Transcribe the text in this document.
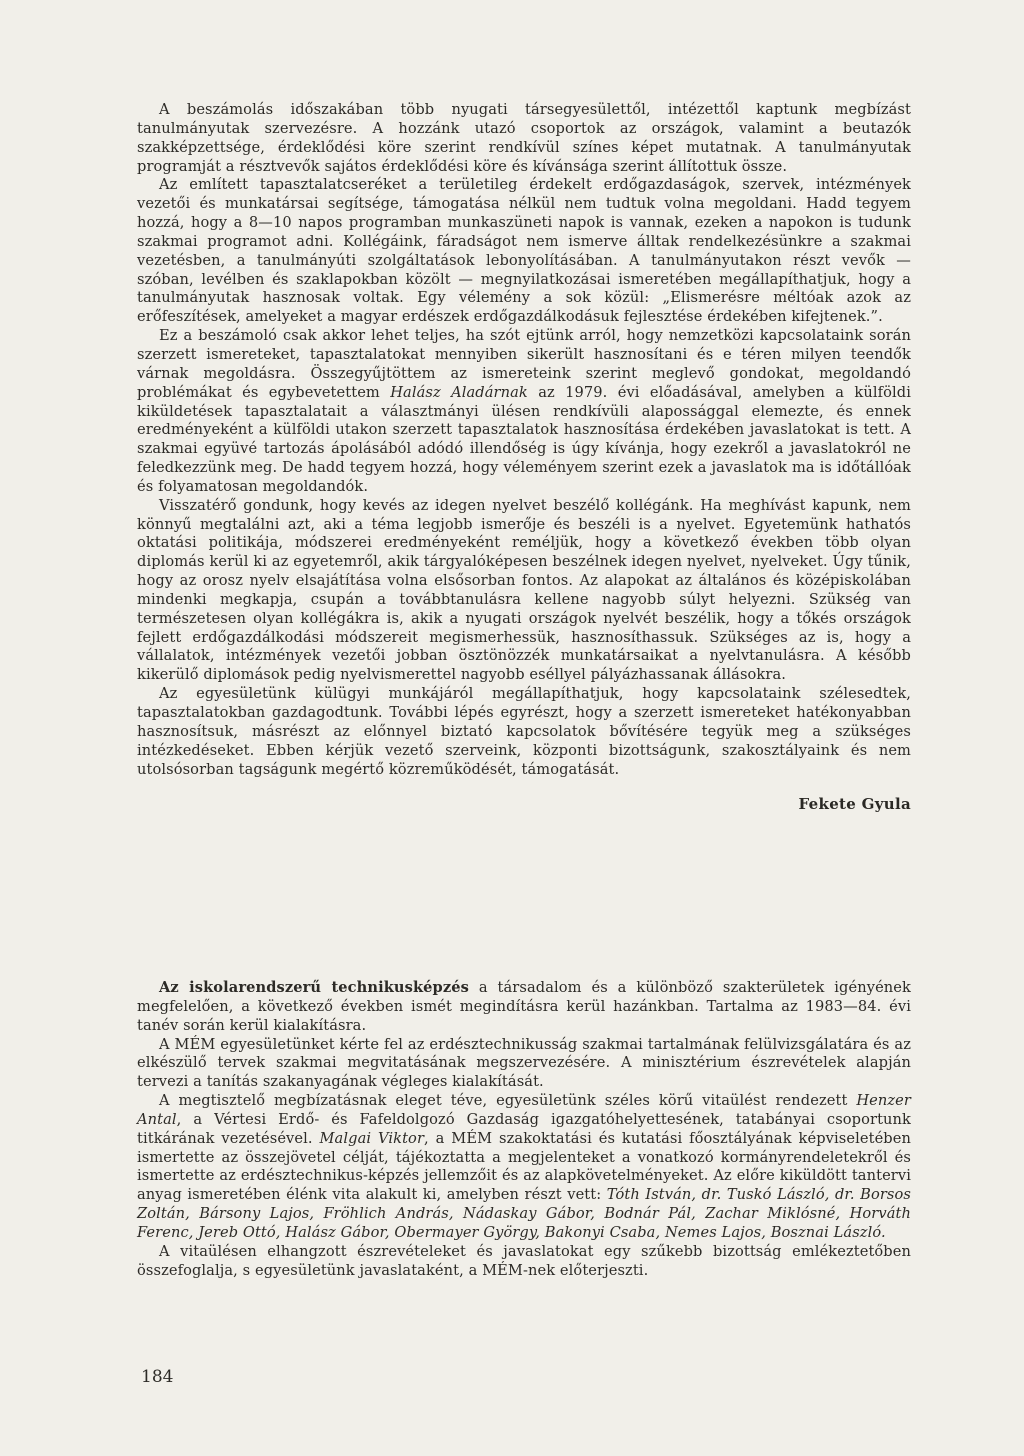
A beszámolás időszakában több nyugati társegyesülettől, intézettől kaptunk megbízást tanulmányutak szervezésre. A hozzánk utazó csoportok az országok, valamint a beutazók szakképzettsége, érdeklődési köre szerint rendkívül színes képet mutatnak. A tanulmányutak programját a résztvevők sajátos érdeklődési köre és kívánsága szerint állítottuk össze.

Az említett tapasztalatcseréket a területileg érdekelt erdőgazdaságok, szervek, intézmények vezetői és munkatársai segítsége, támogatása nélkül nem tudtuk volna megoldani. Hadd tegyem hozzá, hogy a 8—10 napos programban munkaszüneti napok is vannak, ezeken a napokon is tudunk szakmai programot adni. Kollégáink, fáradságot nem ismerve álltak rendelkezésünkre a szakmai vezetésben, a tanulmányúti szolgáltatások lebonyolításában. A tanulmányutakon részt vevők — szóban, levélben és szaklapokban közölt — megnyilatkozásai ismeretében megállapíthatjuk, hogy a tanulmányutak hasznosak voltak. Egy vélemény a sok közül: „Elismerésre méltóak azok az erőfeszítések, amelyeket a magyar erdészek erdőgazdálkodásuk fejlesztése érdekében kifejtenek.”.

Ez a beszámoló csak akkor lehet teljes, ha szót ejtünk arról, hogy nemzetközi kapcsolataink során szerzett ismereteket, tapasztalatokat mennyiben sikerült hasznosítani és e téren milyen teendők várnak megoldásra. Összegyűjtöttem az ismereteink szerint meglevő gondokat, megoldandó problémákat és egybevetettem Halász Aladárnak az 1979. évi előadásával, amelyben a külföldi kiküldetések tapasztalatait a választmányi ülésen rendkívüli alapossággal elemezte, és ennek eredményeként a külföldi utakon szerzett tapasztalatok hasznosítása érdekében javaslatokat is tett. A szakmai együvé tartozás ápolásából adódó illendőség is úgy kívánja, hogy ezekről a javaslatokról ne feledkezzünk meg. De hadd tegyem hozzá, hogy véleményem szerint ezek a javaslatok ma is időtállóak és folyamatosan megoldandók.

Visszatérő gondunk, hogy kevés az idegen nyelvet beszélő kollégánk. Ha meghívást kapunk, nem könnyű megtalálni azt, aki a téma legjobb ismerője és beszéli is a nyelvet. Egyetemünk hathatós oktatási politikája, módszerei eredményeként reméljük, hogy a következő években több olyan diplomás kerül ki az egyetemről, akik tárgyalóképesen beszélnek idegen nyelvet, nyelveket. Úgy tűnik, hogy az orosz nyelv elsajátítása volna elsősorban fontos. Az alapokat az általános és középiskolában mindenki megkapja, csupán a továbbtanulásra kellene nagyobb súlyt helyezni. Szükség van természetesen olyan kollégákra is, akik a nyugati országok nyelvét beszélik, hogy a tőkés országok fejlett erdőgazdálkodási módszereit megismerhessük, hasznosíthassuk. Szükséges az is, hogy a vállalatok, intézmények vezetői jobban ösztönözzék munkatársaikat a nyelvtanulásra. A később kikerülő diplomások pedig nyelvismerettel nagyobb eséllyel pályázhassanak állásokra.

Az egyesületünk külügyi munkájáról megállapíthatjuk, hogy kapcsolataink szélesedtek, tapasztalatokban gazdagodtunk. További lépés egyrészt, hogy a szerzett ismereteket hatékonyabban hasznosítsuk, másrészt az előnnyel biztató kapcsolatok bővítésére tegyük meg a szükséges intézkedéseket. Ebben kérjük vezető szerveink, központi bizottságunk, szakosztályaink és nem utolsósorban tagságunk megértő közreműködését, támogatását.

Fekete Gyula

Az iskolarendszerű technikusképzés a társadalom és a különböző szakterületek igényének megfelelően, a következő években ismét megindításra kerül hazánkban. Tartalma az 1983—84. évi tanév során kerül kialakításra.

A MÉM egyesületünket kérte fel az erdésztechnikusság szakmai tartalmának felülvizsgálatára és az elkészülő tervek szakmai megvitatásának megszervezésére. A minisztérium észrevételek alapján tervezi a tanítás szakanyagának végleges kialakítását.

A megtisztelő megbízatásnak eleget téve, egyesületünk széles körű vitaülést rendezett Henzer Antal, a Vértesi Erdő- és Fafeldolgozó Gazdaság igazgatóhelyettesének, tatabányai csoportunk titkárának vezetésével. Malgai Viktor, a MÉM szakoktatási és kutatási főosztályának képviseletében ismertette az összejövetel célját, tájékoztatta a megjelenteket a vonatkozó kormányrendeletekről és ismertette az erdésztechnikus-képzés jellemzőit és az alapkövetelményeket. Az előre kiküldött tantervi anyag ismeretében élénk vita alakult ki, amelyben részt vett: Tóth István, dr. Tuskó László, dr. Borsos Zoltán, Bársony Lajos, Fröhlich András, Nádaskay Gábor, Bodnár Pál, Zachar Miklósné, Horváth Ferenc, Jereb Ottó, Halász Gábor, Obermayer György, Bakonyi Csaba, Nemes Lajos, Bosznai László.

A vitaülésen elhangzott észrevételeket és javaslatokat egy szűkebb bizottság emlékeztetőben összefoglalja, s egyesületünk javaslataként, a MÉM-nek előterjeszti.

184
